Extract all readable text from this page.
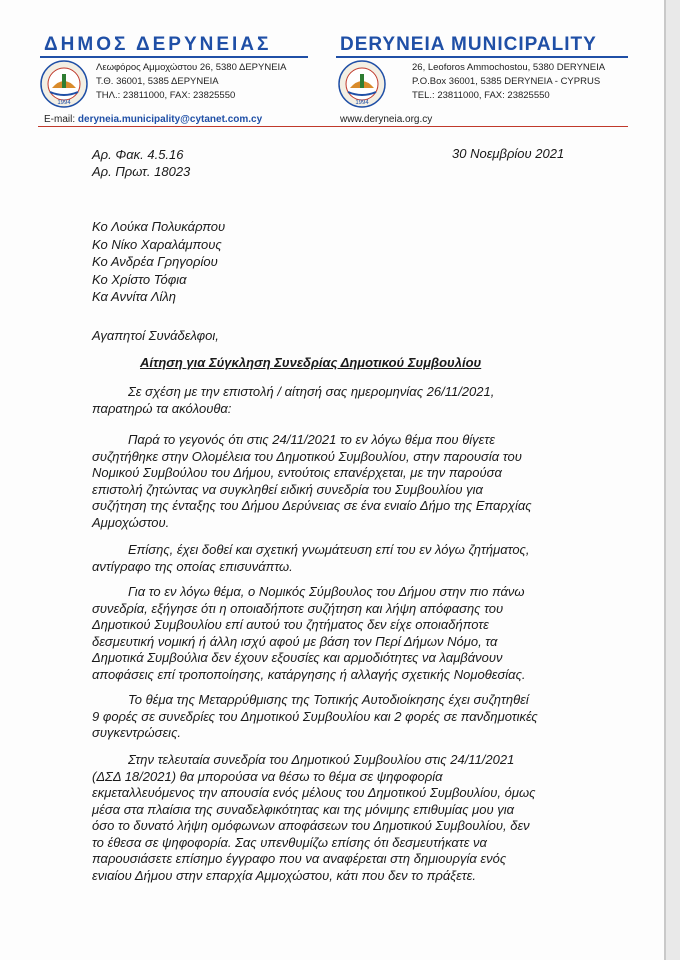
ΔΗΜΟΣ ΔΕΡΥΝΕΙΑΣ	DERYNEIA MUNICIPALITY
1994	1994
Λεωφόρος Αμμοχώστου 26, 5380 ΔΕΡΥΝΕΙΑ
Τ.Θ. 36001, 5385 ΔΕΡΥΝΕΙΑ
ΤΗΛ.: 23811000, FAX: 23825550
26, Leoforos Ammochostou, 5380 DERYNEIA
P.O.Box 36001, 5385 DERYNEIA - CYPRUS
TEL.: 23811000, FAX: 23825550
E-mail: deryneia.municipality@cytanet.com.cy	www.deryneia.org.cy
Αρ. Φακ. 4.5.16
Αρ. Πρωτ. 18023
30 Νοεμβρίου 2021
Κο Λούκα Πολυκάρπου
Κο Νίκο Χαραλάμπους
Κο Ανδρέα Γρηγορίου
Κο Χρίστο Τόφια
Κα Αννίτα Λίλη
Αγαπητοί Συνάδελφοι,
Αίτηση για Σύγκληση Συνεδρίας Δημοτικού Συμβουλίου
Σε σχέση με την επιστολή / αίτησή σας ημερομηνίας 26/11/2021,
παρατηρώ τα ακόλουθα:
Παρά το γεγονός ότι στις 24/11/2021 το εν λόγω θέμα που θίγετε
συζητήθηκε στην Ολομέλεια του Δημοτικού Συμβουλίου, στην παρουσία του
Νομικού Συμβούλου του Δήμου, εντούτοις επανέρχεται, με την παρούσα
επιστολή ζητώντας να συγκληθεί ειδική συνεδρία του Συμβουλίου για
συζήτηση της ένταξης του Δήμου Δερύνειας σε ένα ενιαίο Δήμο της Επαρχίας
Αμμοχώστου.
Επίσης, έχει δοθεί και σχετική γνωμάτευση επί του εν λόγω ζητήματος,
αντίγραφο της οποίας επισυνάπτω.
Για το εν λόγω θέμα, ο Νομικός Σύμβουλος του Δήμου στην πιο πάνω
συνεδρία, εξήγησε ότι η οποιαδήποτε συζήτηση και λήψη απόφασης του
Δημοτικού Συμβουλίου επί αυτού του ζητήματος δεν είχε οποιαδήποτε
δεσμευτική νομική ή άλλη ισχύ αφού με βάση τον Περί Δήμων Νόμο, τα
Δημοτικά Συμβούλια δεν έχουν εξουσίες και αρμοδιότητες να λαμβάνουν
αποφάσεις επί τροποποίησης, κατάργησης ή αλλαγής σχετικής Νομοθεσίας.
Το θέμα της Μεταρρύθμισης της Τοπικής Αυτοδιοίκησης έχει συζητηθεί
9 φορές σε συνεδρίες του Δημοτικού Συμβουλίου και 2 φορές σε πανδημοτικές
συγκεντρώσεις.
Στην τελευταία συνεδρία του Δημοτικού Συμβουλίου στις 24/11/2021
(ΔΣΔ 18/2021) θα μπορούσα να θέσω το θέμα σε ψηφοφορία
εκμεταλλευόμενος την απουσία ενός μέλους του Δημοτικού Συμβουλίου, όμως
μέσα στα πλαίσια της συναδελφικότητας και της μόνιμης επιθυμίας μου για
όσο το δυνατό λήψη ομόφωνων αποφάσεων του Δημοτικού Συμβουλίου, δεν
το έθεσα σε ψηφοφορία. Σας υπενθυμίζω επίσης ότι δεσμευτήκατε να
παρουσιάσετε επίσημο έγγραφο που να αναφέρεται στη δημιουργία ενός
ενιαίου Δήμου στην επαρχία Αμμοχώστου, κάτι που δεν το πράξετε.
